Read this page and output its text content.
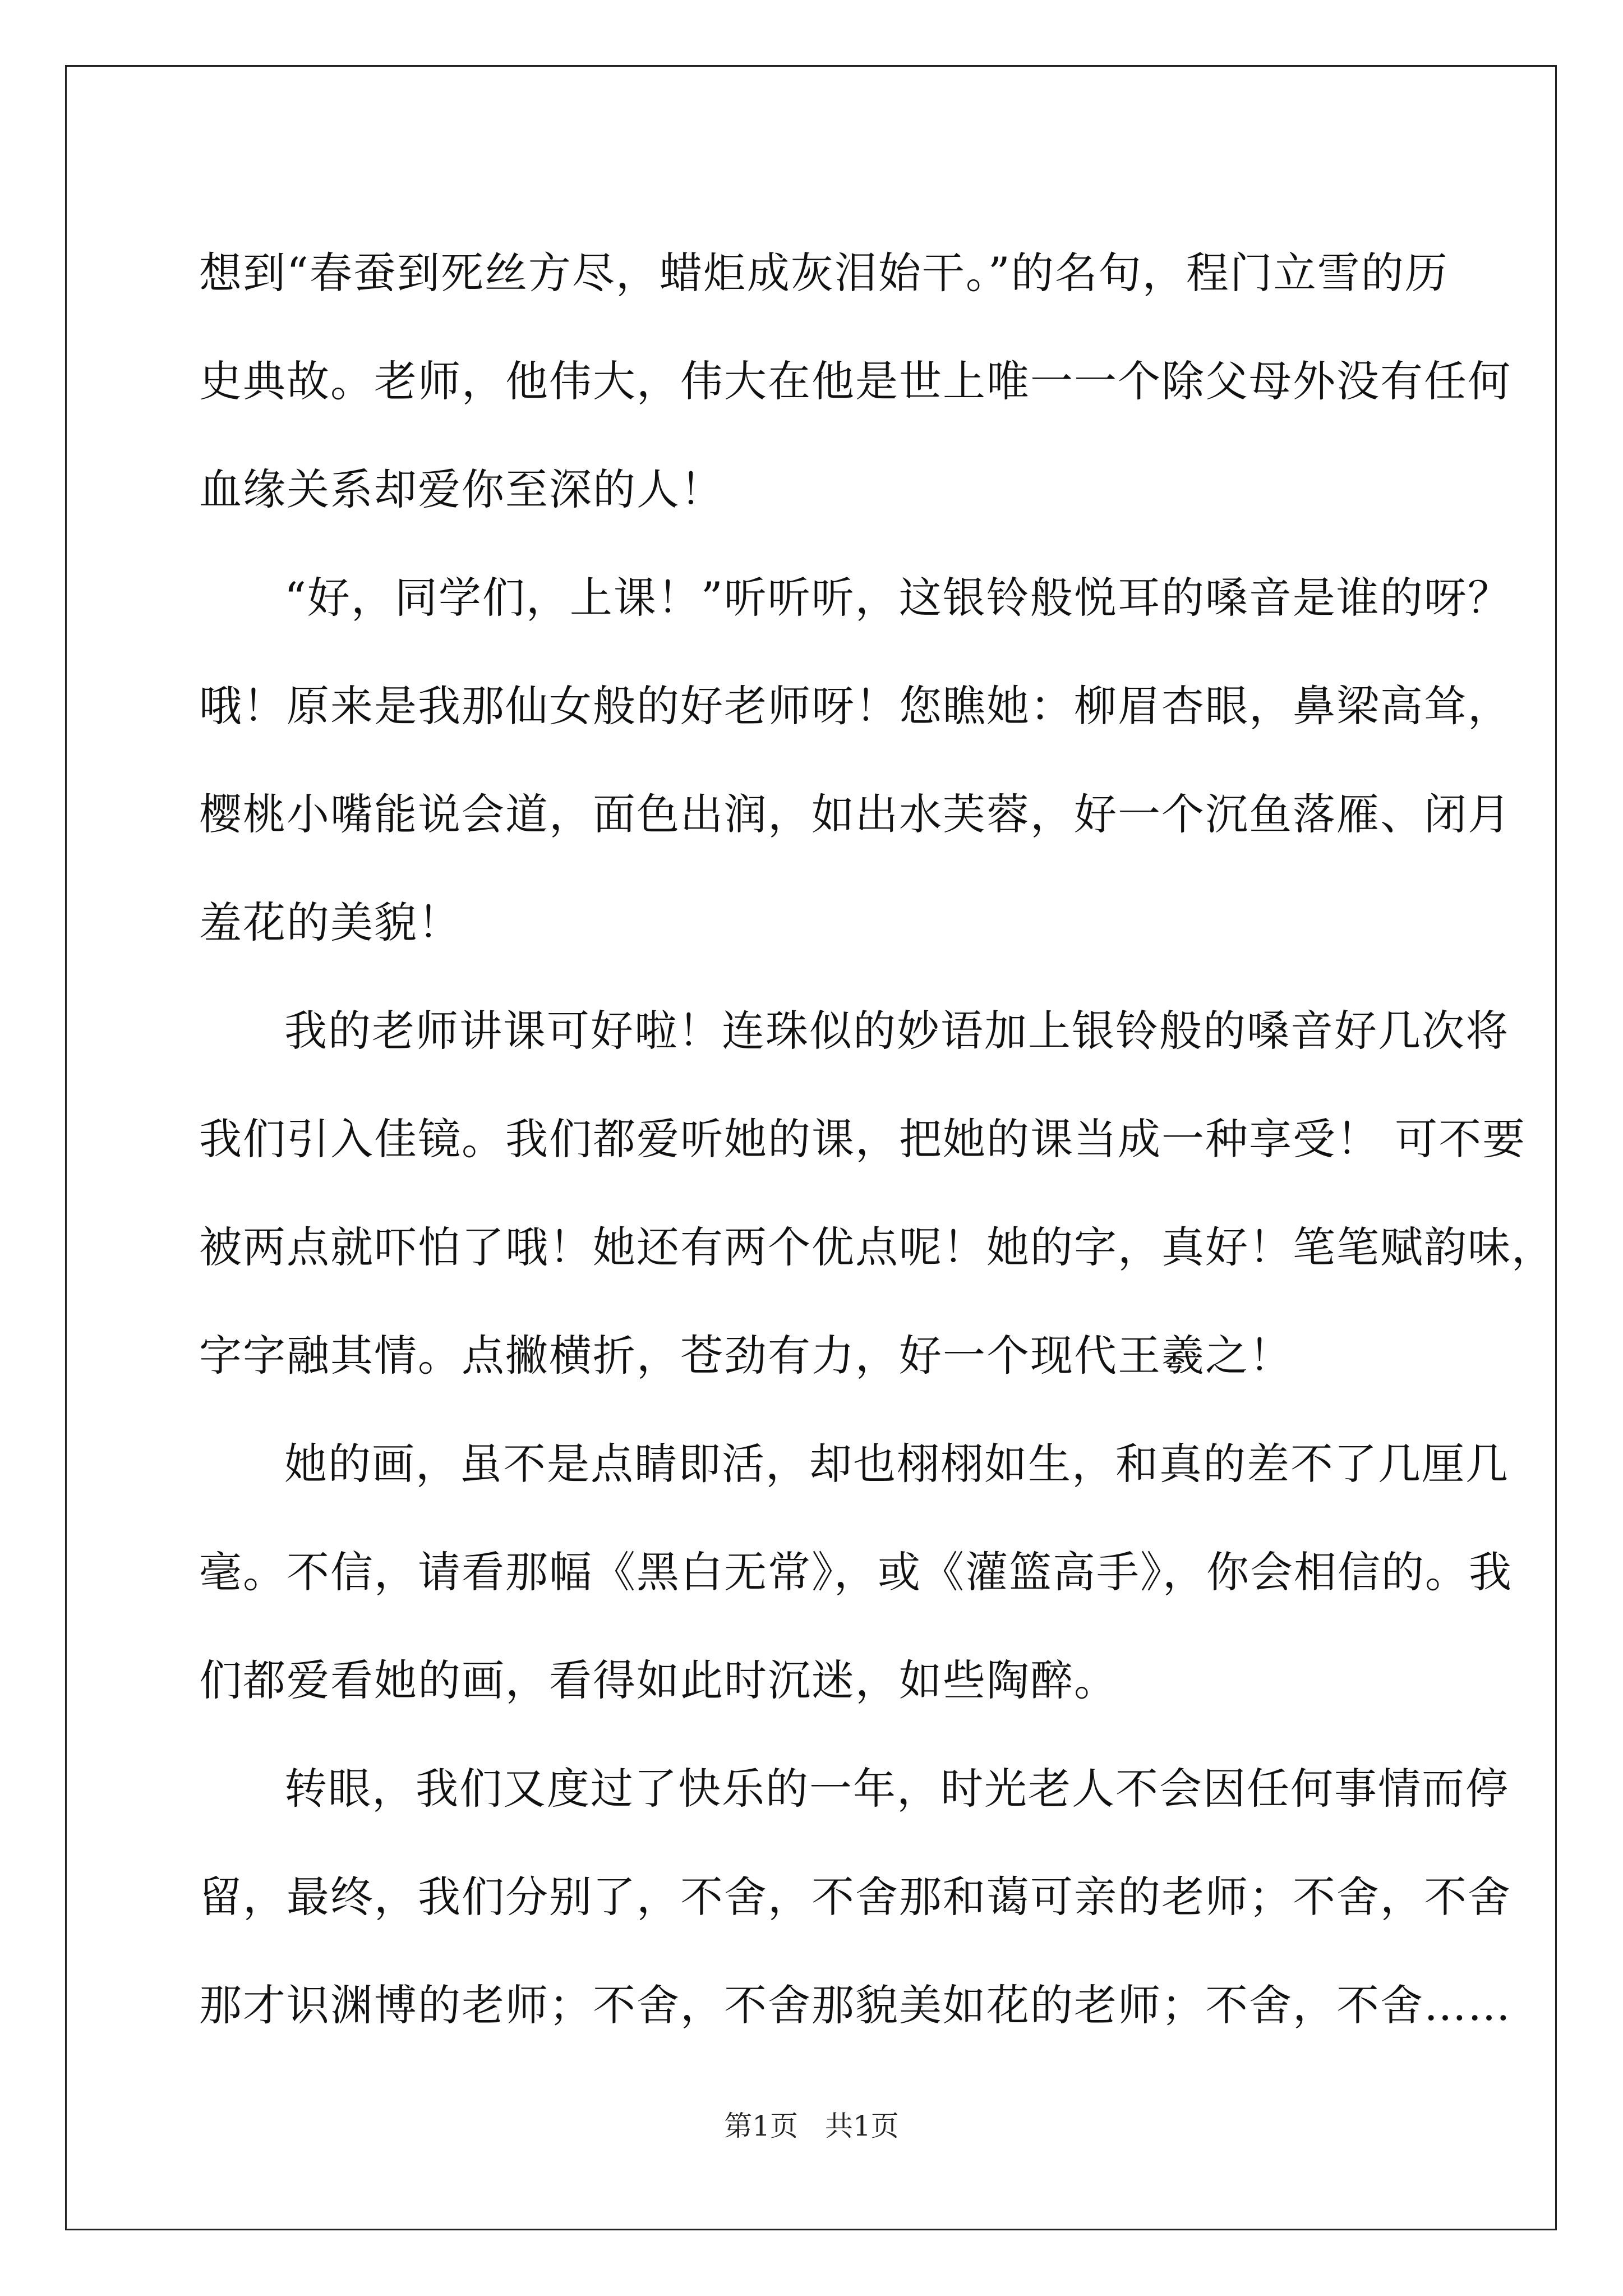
想到“春蚕到死丝方尽，蜡炬成灰泪始干。”的名句，程门立雪的历
史典故。老师，他伟大，伟大在他是世上唯一一个除父母外没有任何
血缘关系却爱你至深的人！
“好，同学们，上课！”听听听，这银铃般悦耳的嗓音是谁的呀？
哦！原来是我那仙女般的好老师呀！您瞧她：柳眉杏眼，鼻梁高耸，
樱桃小嘴能说会道，面色出润，如出水芙蓉，好一个沉鱼落雁、闭月
羞花的美貌！
我的老师讲课可好啦！连珠似的妙语加上银铃般的嗓音好几次将
我们引入佳镜。我们都爱听她的课，把她的课当成一种享受！ 可不要
被两点就吓怕了哦！她还有两个优点呢！她的字，真好！笔笔赋韵味，
字字融其情。点撇横折，苍劲有力，好一个现代王羲之！
她的画，虽不是点睛即活，却也栩栩如生，和真的差不了几厘几
毫。不信，请看那幅《黑白无常》，或《灌篮高手》，你会相信的。我
们都爱看她的画，看得如此时沉迷，如些陶醉。
转眼，我们又度过了快乐的一年，时光老人不会因任何事情而停
留，最终，我们分别了，不舍，不舍那和蔼可亲的老师；不舍，不舍
那才识渊博的老师；不舍，不舍那貌美如花的老师；不舍，不舍……
第1页 共1页
